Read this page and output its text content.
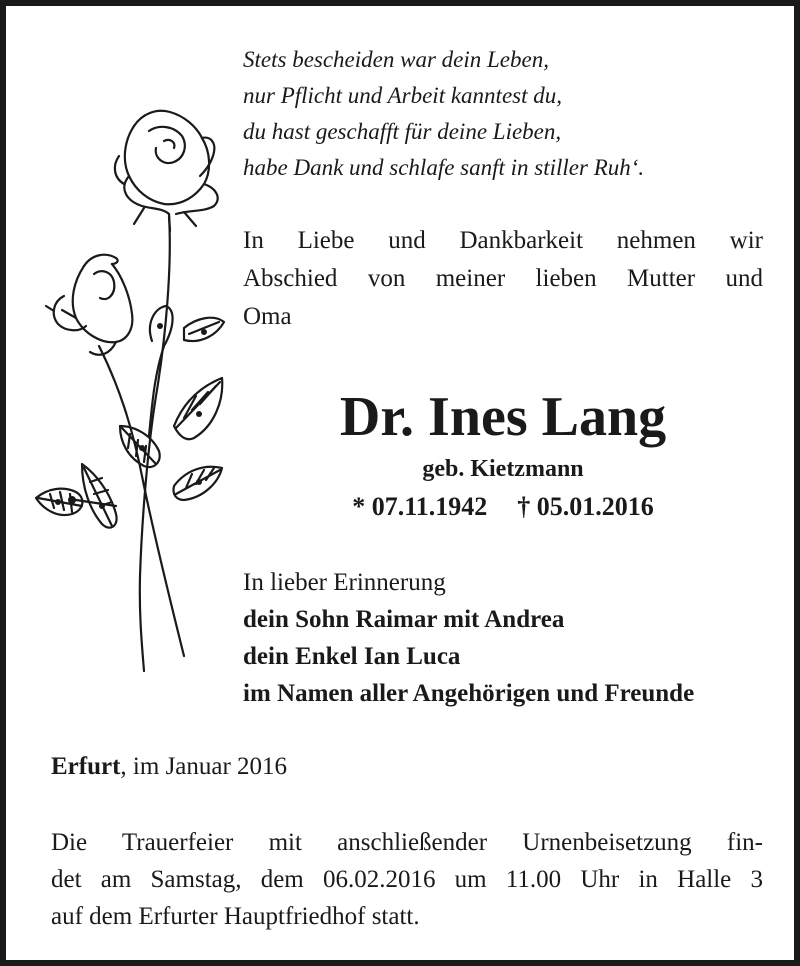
Stets bescheiden war dein Leben,
nur Pflicht und Arbeit kanntest du,
du hast geschafft für deine Lieben,
habe Dank und schlafe sanft in stiller Ruh‘.
In Liebe und Dankbarkeit nehmen wir
Abschied von meiner lieben Mutter und
Oma
Dr. Ines Lang
geb. Kietzmann
* 07.11.1942 † 05.01.2016
In lieber Erinnerung
dein Sohn Raimar mit Andrea
dein Enkel Ian Luca
im Namen aller Angehörigen und Freunde
Erfurt, im Januar 2016
Die Trauerfeier mit anschließender Urnenbeisetzung fin-
det am Samstag, dem 06.02.2016 um 11.00 Uhr in Halle 3
auf dem Erfurter Hauptfriedhof statt.
